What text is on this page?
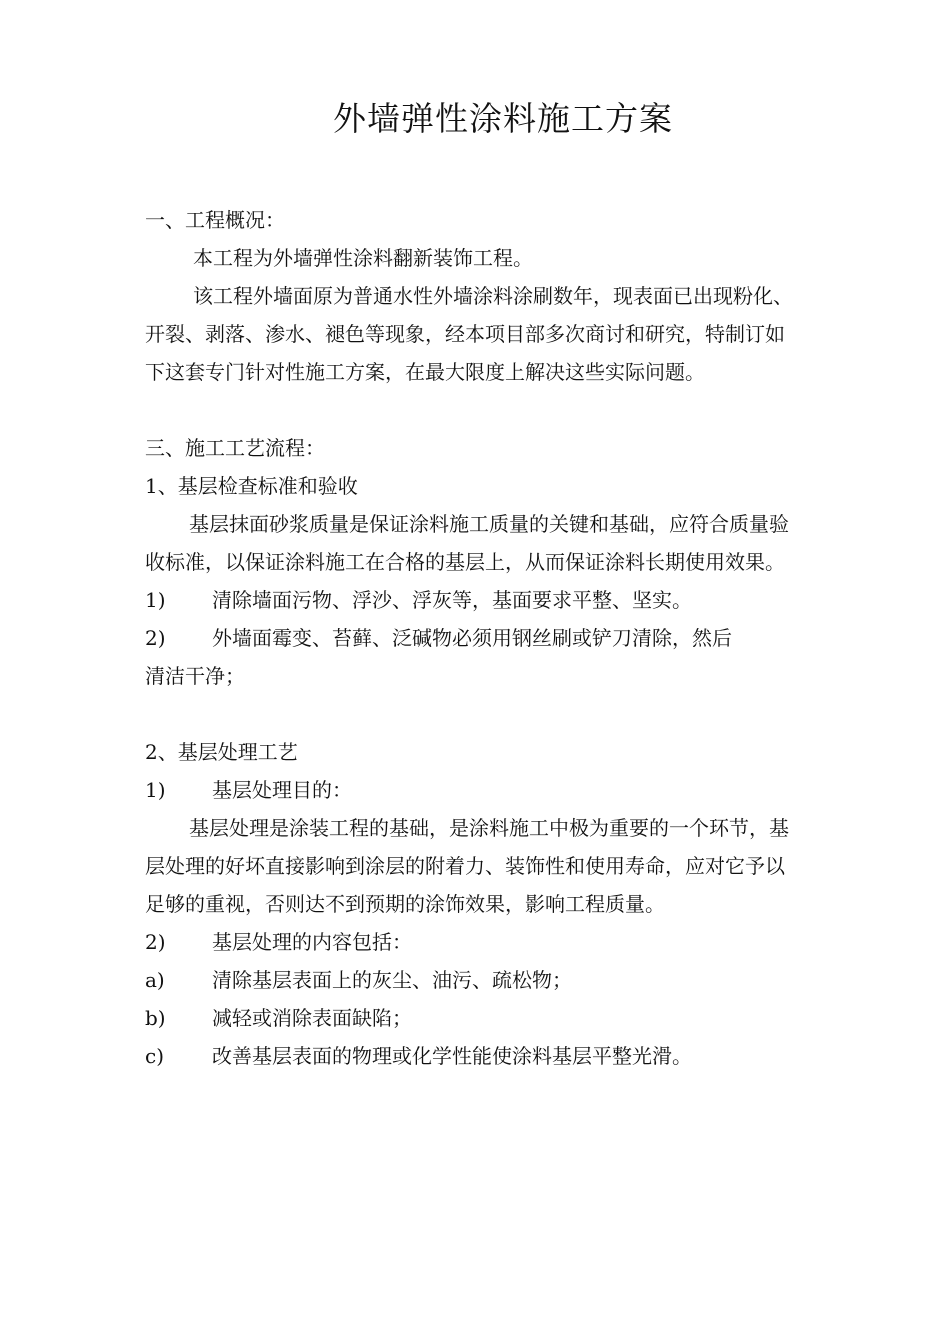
外墙弹性涂料施工方案

一、工程概况：

本工程为外墙弹性涂料翻新装饰工程。

该工程外墙面原为普通水性外墙涂料涂刷数年，现表面已出现粉化、开裂、剥落、渗水、褪色等现象，经本项目部多次商讨和研究，特制订如下这套专门针对性施工方案，在最大限度上解决这些实际问题。

三、施工工艺流程：

1、基层检查标准和验收

基层抹面砂浆质量是保证涂料施工质量的关键和基础，应符合质量验收标准，以保证涂料施工在合格的基层上，从而保证涂料长期使用效果。

1)	清除墙面污物、浮沙、浮灰等，基面要求平整、坚实。
2)	外墙面霉变、苔藓、泛碱物必须用钢丝刷或铲刀清除，然后

清洁干净；

2、基层处理工艺

1)	基层处理目的：

基层处理是涂装工程的基础，是涂料施工中极为重要的一个环节，基层处理的好坏直接影响到涂层的附着力、装饰性和使用寿命，应对它予以足够的重视，否则达不到预期的涂饰效果，影响工程质量。

2)	基层处理的内容包括：
a)	清除基层表面上的灰尘、油污、疏松物；
b)	减轻或消除表面缺陷；
c)	改善基层表面的物理或化学性能使涂料基层平整光滑。
